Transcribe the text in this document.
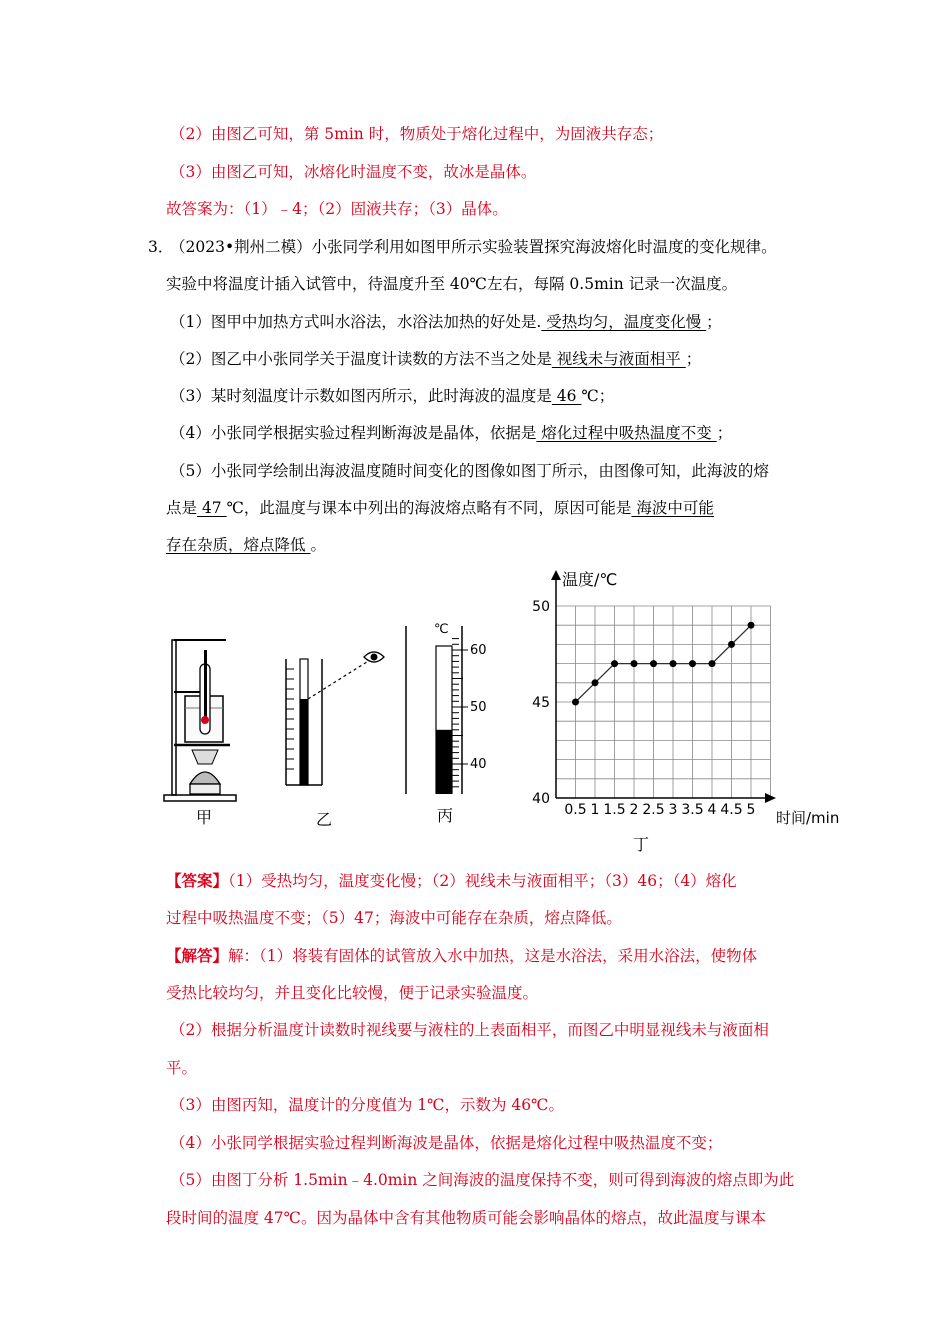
（2）由图乙可知，第 5min 时，物质处于熔化过程中，为固液共存态；
（3）由图乙可知，冰熔化时温度不变，故冰是晶体。
故答案为：（1）﹣4；（2）固液共存；（3）晶体。
3．
（2023•荆州二模）小张同学利用如图甲所示实验装置探究海波熔化时温度的变化规律。
实验中将温度计插入试管中，待温度升至 40℃左右，每隔 0.5min 记录一次温度。
（1）图甲中加热方式叫水浴法，水浴法加热的好处是. 受热均匀，温度变化慢 ；
（2）图乙中小张同学关于温度计读数的方法不当之处是 视线未与液面相平 ；
（3）某时刻温度计示数如图丙所示，此时海波的温度是 46 ℃；
（4）小张同学根据实验过程判断海波是晶体，依据是 熔化过程中吸热温度不变 ；
（5）小张同学绘制出海波温度随时间变化的图像如图丁所示，由图像可知，此海波的熔
点是 47 ℃，此温度与课本中列出的海波熔点略有不同，原因可能是 海波中可能
存在杂质，熔点降低 。
甲	乙
℃
60
50
40
丙
温度/℃
时间/min
40
45
50
0.5 1 1.5 2 2.5 3 3.5 4 4.5 5
丁
【答案】（1）受热均匀，温度变化慢；（2）视线未与液面相平；（3）46；（4）熔化
过程中吸热温度不变；（5）47；海波中可能存在杂质，熔点降低。
【解答】解：（1）将装有固体的试管放入水中加热，这是水浴法，采用水浴法，使物体
受热比较均匀，并且变化比较慢，便于记录实验温度。
（2）根据分析温度计读数时视线要与液柱的上表面相平，而图乙中明显视线未与液面相
平。
（3）由图丙知，温度计的分度值为 1℃，示数为 46℃。
（4）小张同学根据实验过程判断海波是晶体，依据是熔化过程中吸热温度不变；
（5）由图丁分析 1.5min﹣4.0min 之间海波的温度保持不变，则可得到海波的熔点即为此
段时间的温度 47℃。因为晶体中含有其他物质可能会影响晶体的熔点，故此温度与课本
